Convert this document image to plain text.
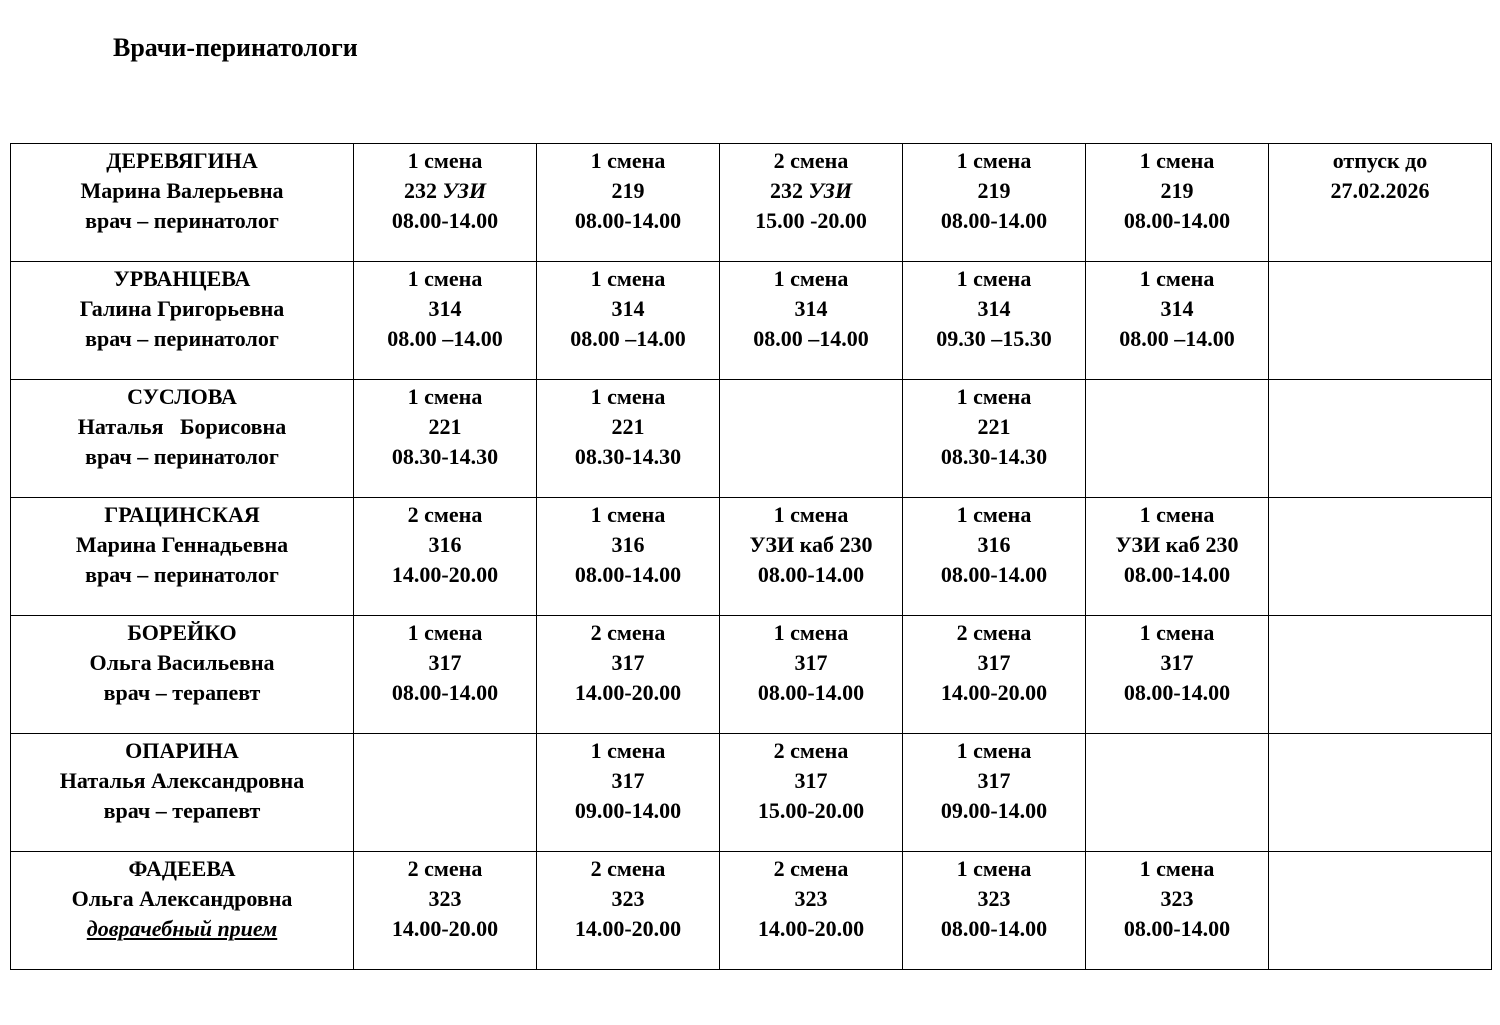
Врачи-перинатологи
ДЕРЕВЯГИНА
Марина Валерьевна
врач – перинатолог	1 смена
232 УЗИ
08.00-14.00	1 смена
219
08.00-14.00	2 смена
232 УЗИ
15.00 -20.00	1 смена
219
08.00-14.00	1 смена
219
08.00-14.00	отпуск до
27.02.2026

УРВАНЦЕВА
Галина Григорьевна
врач – перинатолог	1 смена
314
08.00 –14.00	1 смена
314
08.00 –14.00	1 смена
314
08.00 –14.00	1 смена
314
09.30 –15.30	1 смена
314
08.00 –14.00	

СУСЛОВА
Наталья   Борисовна
врач – перинатолог	1 смена
221
08.30-14.30	1 смена
221
08.30-14.30		1 смена
221
08.30-14.30		

ГРАЦИНСКАЯ
Марина Геннадьевна
врач – перинатолог	2 смена
316
14.00-20.00	1 смена
316
08.00-14.00	1 смена
УЗИ каб 230
08.00-14.00	1 смена
316
08.00-14.00	1 смена
УЗИ каб 230
08.00-14.00	

БОРЕЙКО
Ольга Васильевна
врач – терапевт	1 смена
317
08.00-14.00	2 смена
317
14.00-20.00	1 смена
317
08.00-14.00	2 смена
317
14.00-20.00	1 смена
317
08.00-14.00	

ОПАРИНА
Наталья Александровна
врач – терапевт		1 смена
317
09.00-14.00	2 смена
317
15.00-20.00	1 смена
317
09.00-14.00		

ФАДЕЕВА
Ольга Александровна
доврачебный прием	2 смена
323
14.00-20.00	2 смена
323
14.00-20.00	2 смена
323
14.00-20.00	1 смена
323
08.00-14.00	1 смена
323
08.00-14.00	
